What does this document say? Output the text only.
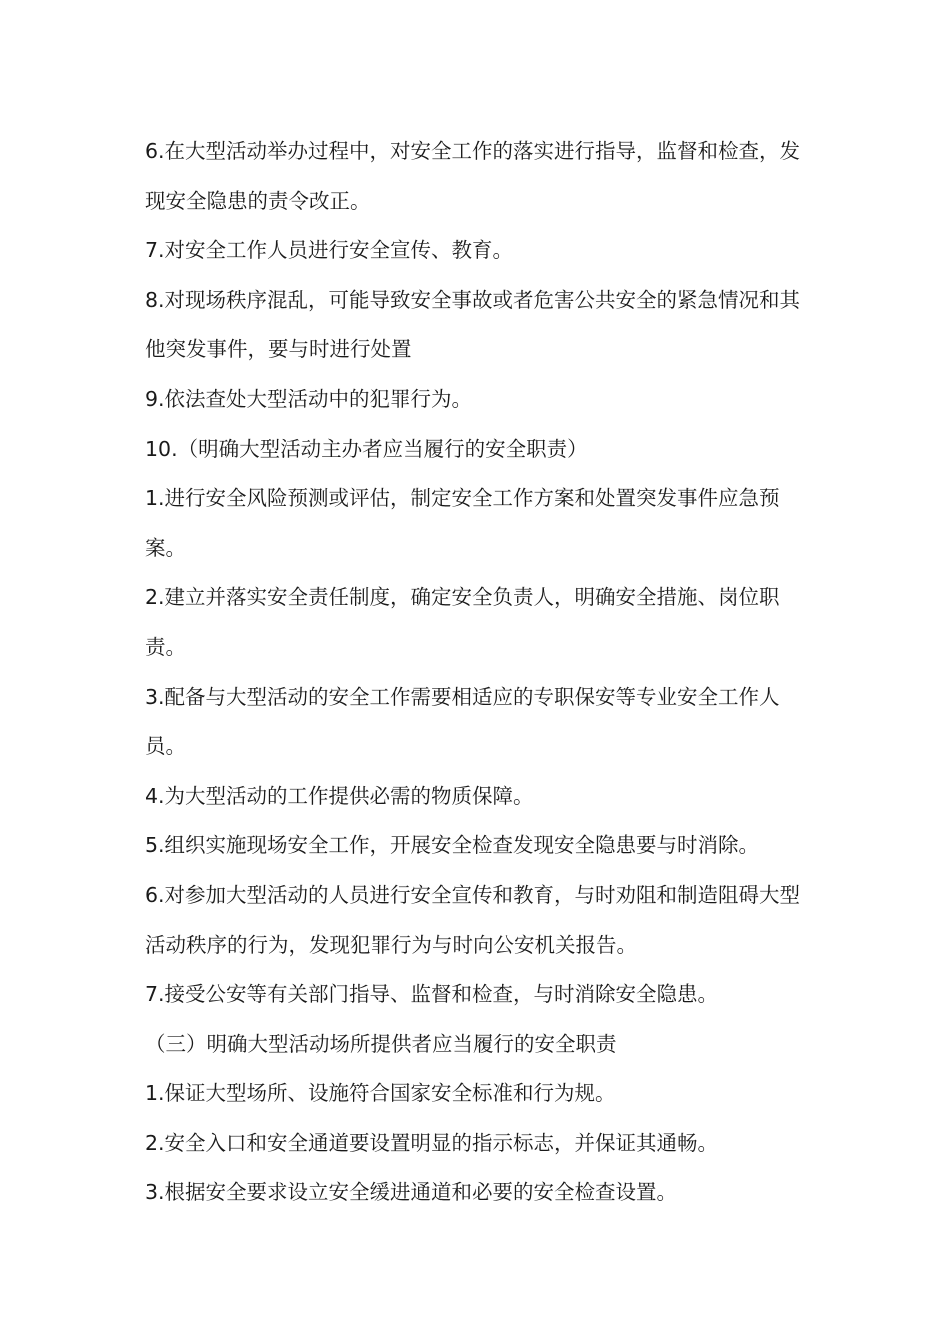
6.在大型活动举办过程中，对安全工作的落实进行指导，监督和检查，发现安全隐患的责令改正。

7.对安全工作人员进行安全宣传、教育。

8.对现场秩序混乱，可能导致安全事故或者危害公共安全的紧急情况和其他突发事件，要与时进行处置

9.依法查处大型活动中的犯罪行为。

10.（明确大型活动主办者应当履行的安全职责）

1.进行安全风险预测或评估，制定安全工作方案和处置突发事件应急预案。

2.建立并落实安全责任制度，确定安全负责人，明确安全措施、岗位职责。

3.配备与大型活动的安全工作需要相适应的专职保安等专业安全工作人员。

4.为大型活动的工作提供必需的物质保障。

5.组织实施现场安全工作，开展安全检查发现安全隐患要与时消除。

6.对参加大型活动的人员进行安全宣传和教育，与时劝阻和制造阻碍大型活动秩序的行为，发现犯罪行为与时向公安机关报告。

7.接受公安等有关部门指导、监督和检查，与时消除安全隐患。

（三）明确大型活动场所提供者应当履行的安全职责

1.保证大型场所、设施符合国家安全标准和行为规。

2.安全入口和安全通道要设置明显的指示标志，并保证其通畅。

3.根据安全要求设立安全缓进通道和必要的安全检查设置。
